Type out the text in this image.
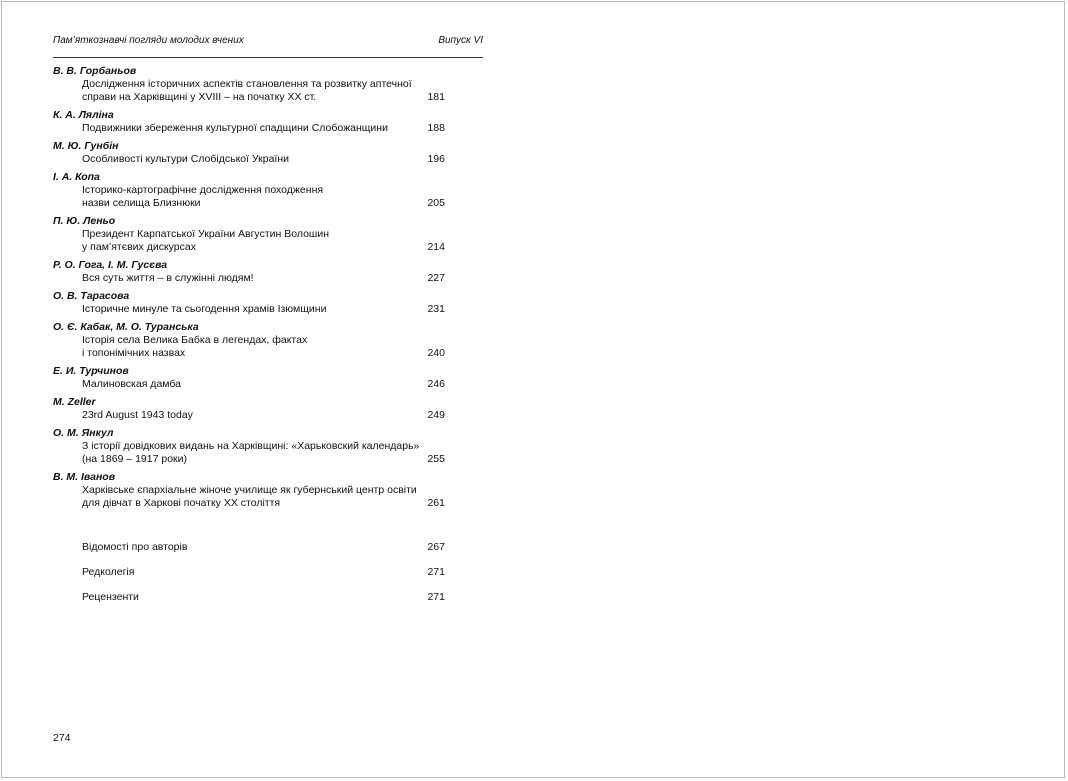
Пам’яткознавчі погляди молодих вчених	Випуск VI
В. В. Горбаньов
Дослідження історичних аспектів становлення та розвитку аптечної
справи на Харківщині у XVIII – на початку XX ст.	181
К. А. Ляліна
Подвижники збереження культурної спадщини Слобожанщини	188
М. Ю. Гунбін
Особливості культури Слобідської України	196
І. А. Копа
Історико-картографічне дослідження походження
назви селища Близнюки	205
П. Ю. Леньо
Президент Карпатської України Августин Волошин
у пам’ятєвих дискурсах	214
Р. О. Гога, І. М. Гусєва
Вся суть життя – в служінні людям!	227
О. В. Тарасова
Історичне минуле та сьогодення храмів Ізюмщини	231
О. Є. Кабак, М. О. Туранська
Історія села Велика Бабка в легендах, фактах
і топонімічних назвах	240
Е. И. Турчинов
Малиновская дамба	246
M. Zeller
23rd August 1943 today	249
О. М. Янкул
З історії довідкових видань на Харківщині: «Харьковский календарь»
(на 1869 – 1917 роки)	255
В. М. Іванов
Харківське єпархіальне жіноче училище як губернський центр освіти
для дівчат в Харкові початку XX століття	261
Відомості про авторів	267
Редколегія	271
Рецензенти	271
274
